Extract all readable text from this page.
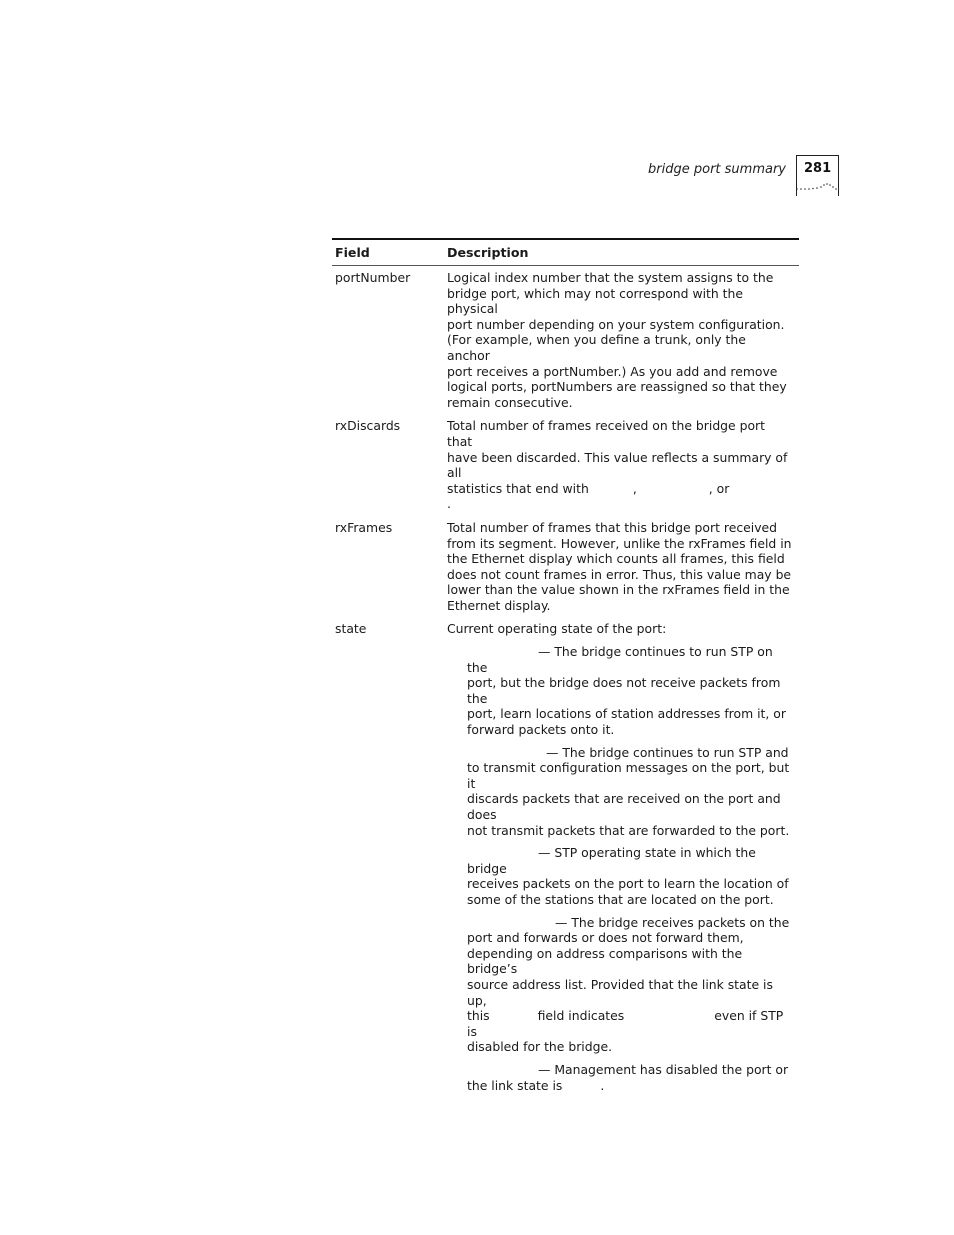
bridge port summary 281
Field	Description
portNumber	Logical index number that the system assigns to the
bridge port, which may not correspond with the physical
port number depending on your system configuration.
(For example, when you define a trunk, only the anchor
port receives a portNumber.) As you add and remove
logical ports, portNumbers are reassigned so that they
remain consecutive.
rxDiscards	Total number of frames received on the bridge port that
have been discarded. This value reflects a summary of all
statistics that end with	,	, or.
rxFrames	Total number of frames that this bridge port received
from its segment. However, unlike the rxFrames field in
the Ethernet display which counts all frames, this field
does not count frames in error. Thus, this value may be
lower than the value shown in the rxFrames field in the
Ethernet display.
state	Current operating state of the port:
— The bridge continues to run STP on the
port, but the bridge does not receive packets from the
port, learn locations of station addresses from it, or
forward packets onto it.
— The bridge continues to run STP and
to transmit configuration messages on the port, but it
discards packets that are received on the port and does
not transmit packets that are forwarded to the port.
— STP operating state in which the bridge
receives packets on the port to learn the location of
some of the stations that are located on the port.
— The bridge receives packets on the
port and forwards or does not forward them,
depending on address comparisons with the bridge’s
source address list. Provided that the link state is up,
this	field indicates	even if STP is
disabled for the bridge.
— Management has disabled the port or
the link state is	.
